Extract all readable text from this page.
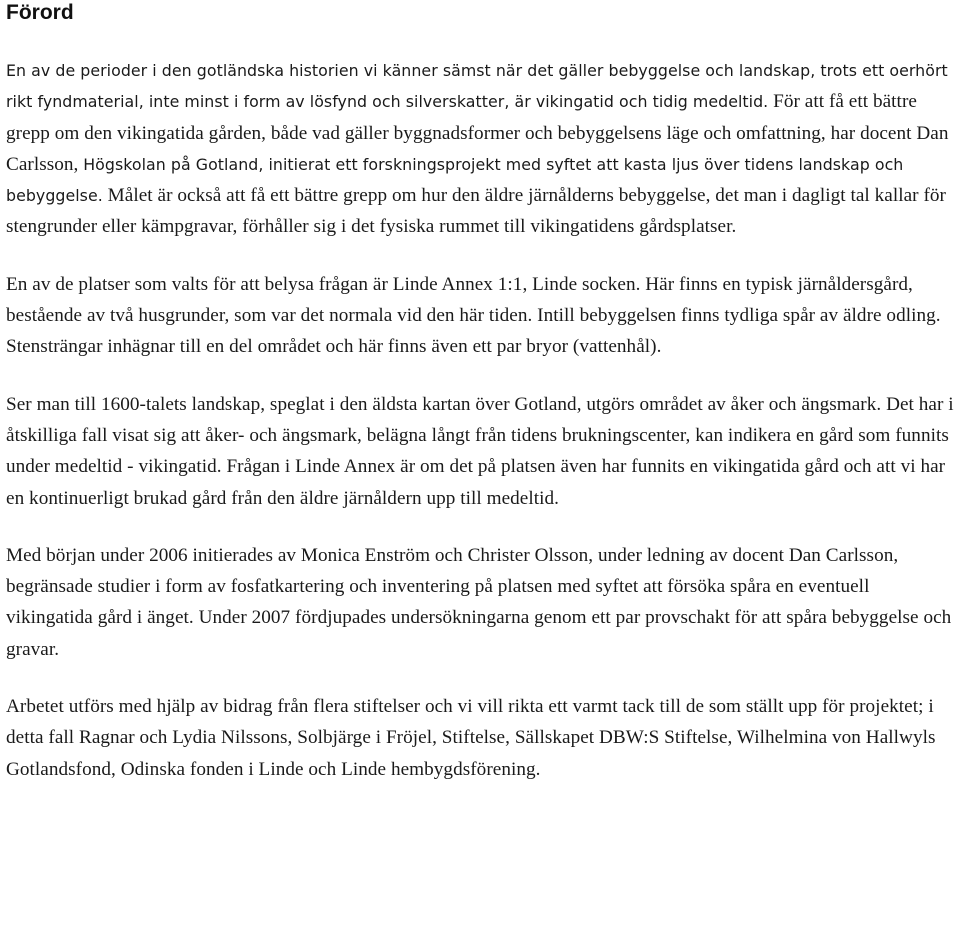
Förord

En av de perioder i den gotländska historien vi känner sämst när det gäller bebyggelse och landskap, trots ett oerhört rikt fyndmaterial, inte minst i form av lösfynd och silverskatter, är vikingatid och tidig medeltid. För att få ett bättre grepp om den vikingatida gården, både vad gäller byggnadsformer och bebyggelsens läge och omfattning, har docent Dan Carlsson, Högskolan på Gotland, initierat ett forskningsprojekt med syftet att kasta ljus över tidens landskap och bebyggelse. Målet är också att få ett bättre grepp om hur den äldre järnålderns bebyggelse, det man i dagligt tal kallar för stengrunder eller kämpgravar, förhåller sig i det fysiska rummet till vikingatidens gårdsplatser.

En av de platser som valts för att belysa frågan är Linde Annex 1:1, Linde socken. Här finns en typisk järnåldersgård, bestående av två husgrunder, som var det normala vid den här tiden. Intill bebyggelsen finns tydliga spår av äldre odling. Stensträngar inhägnar till en del området och här finns även ett par bryor (vattenhål).

Ser man till 1600-talets landskap, speglat i den äldsta kartan över Gotland, utgörs området av åker och ängsmark. Det har i åtskilliga fall visat sig att åker- och ängsmark, belägna långt från tidens brukningscenter, kan indikera en gård som funnits under medeltid - vikingatid. Frågan i Linde Annex är om det på platsen även har funnits en vikingatida gård och att vi har en kontinuerligt brukad gård från den äldre järnåldern upp till medeltid.

Med början under 2006 initierades av Monica Enström och Christer Olsson, under ledning av docent Dan Carlsson, begränsade studier i form av fosfatkartering och inventering på platsen med syftet att försöka spåra en eventuell vikingatida gård i änget. Under 2007 fördjupades undersökningarna genom ett par provschakt för att spåra bebyggelse och gravar.

Arbetet utförs med hjälp av bidrag från flera stiftelser och vi vill rikta ett varmt tack till de som ställt upp för projektet; i detta fall Ragnar och Lydia Nilssons, Solbjärge i Fröjel, Stiftelse, Sällskapet DBW:S Stiftelse, Wilhelmina von Hallwyls Gotlandsfond, Odinska fonden i Linde och Linde hembygdsförening.
